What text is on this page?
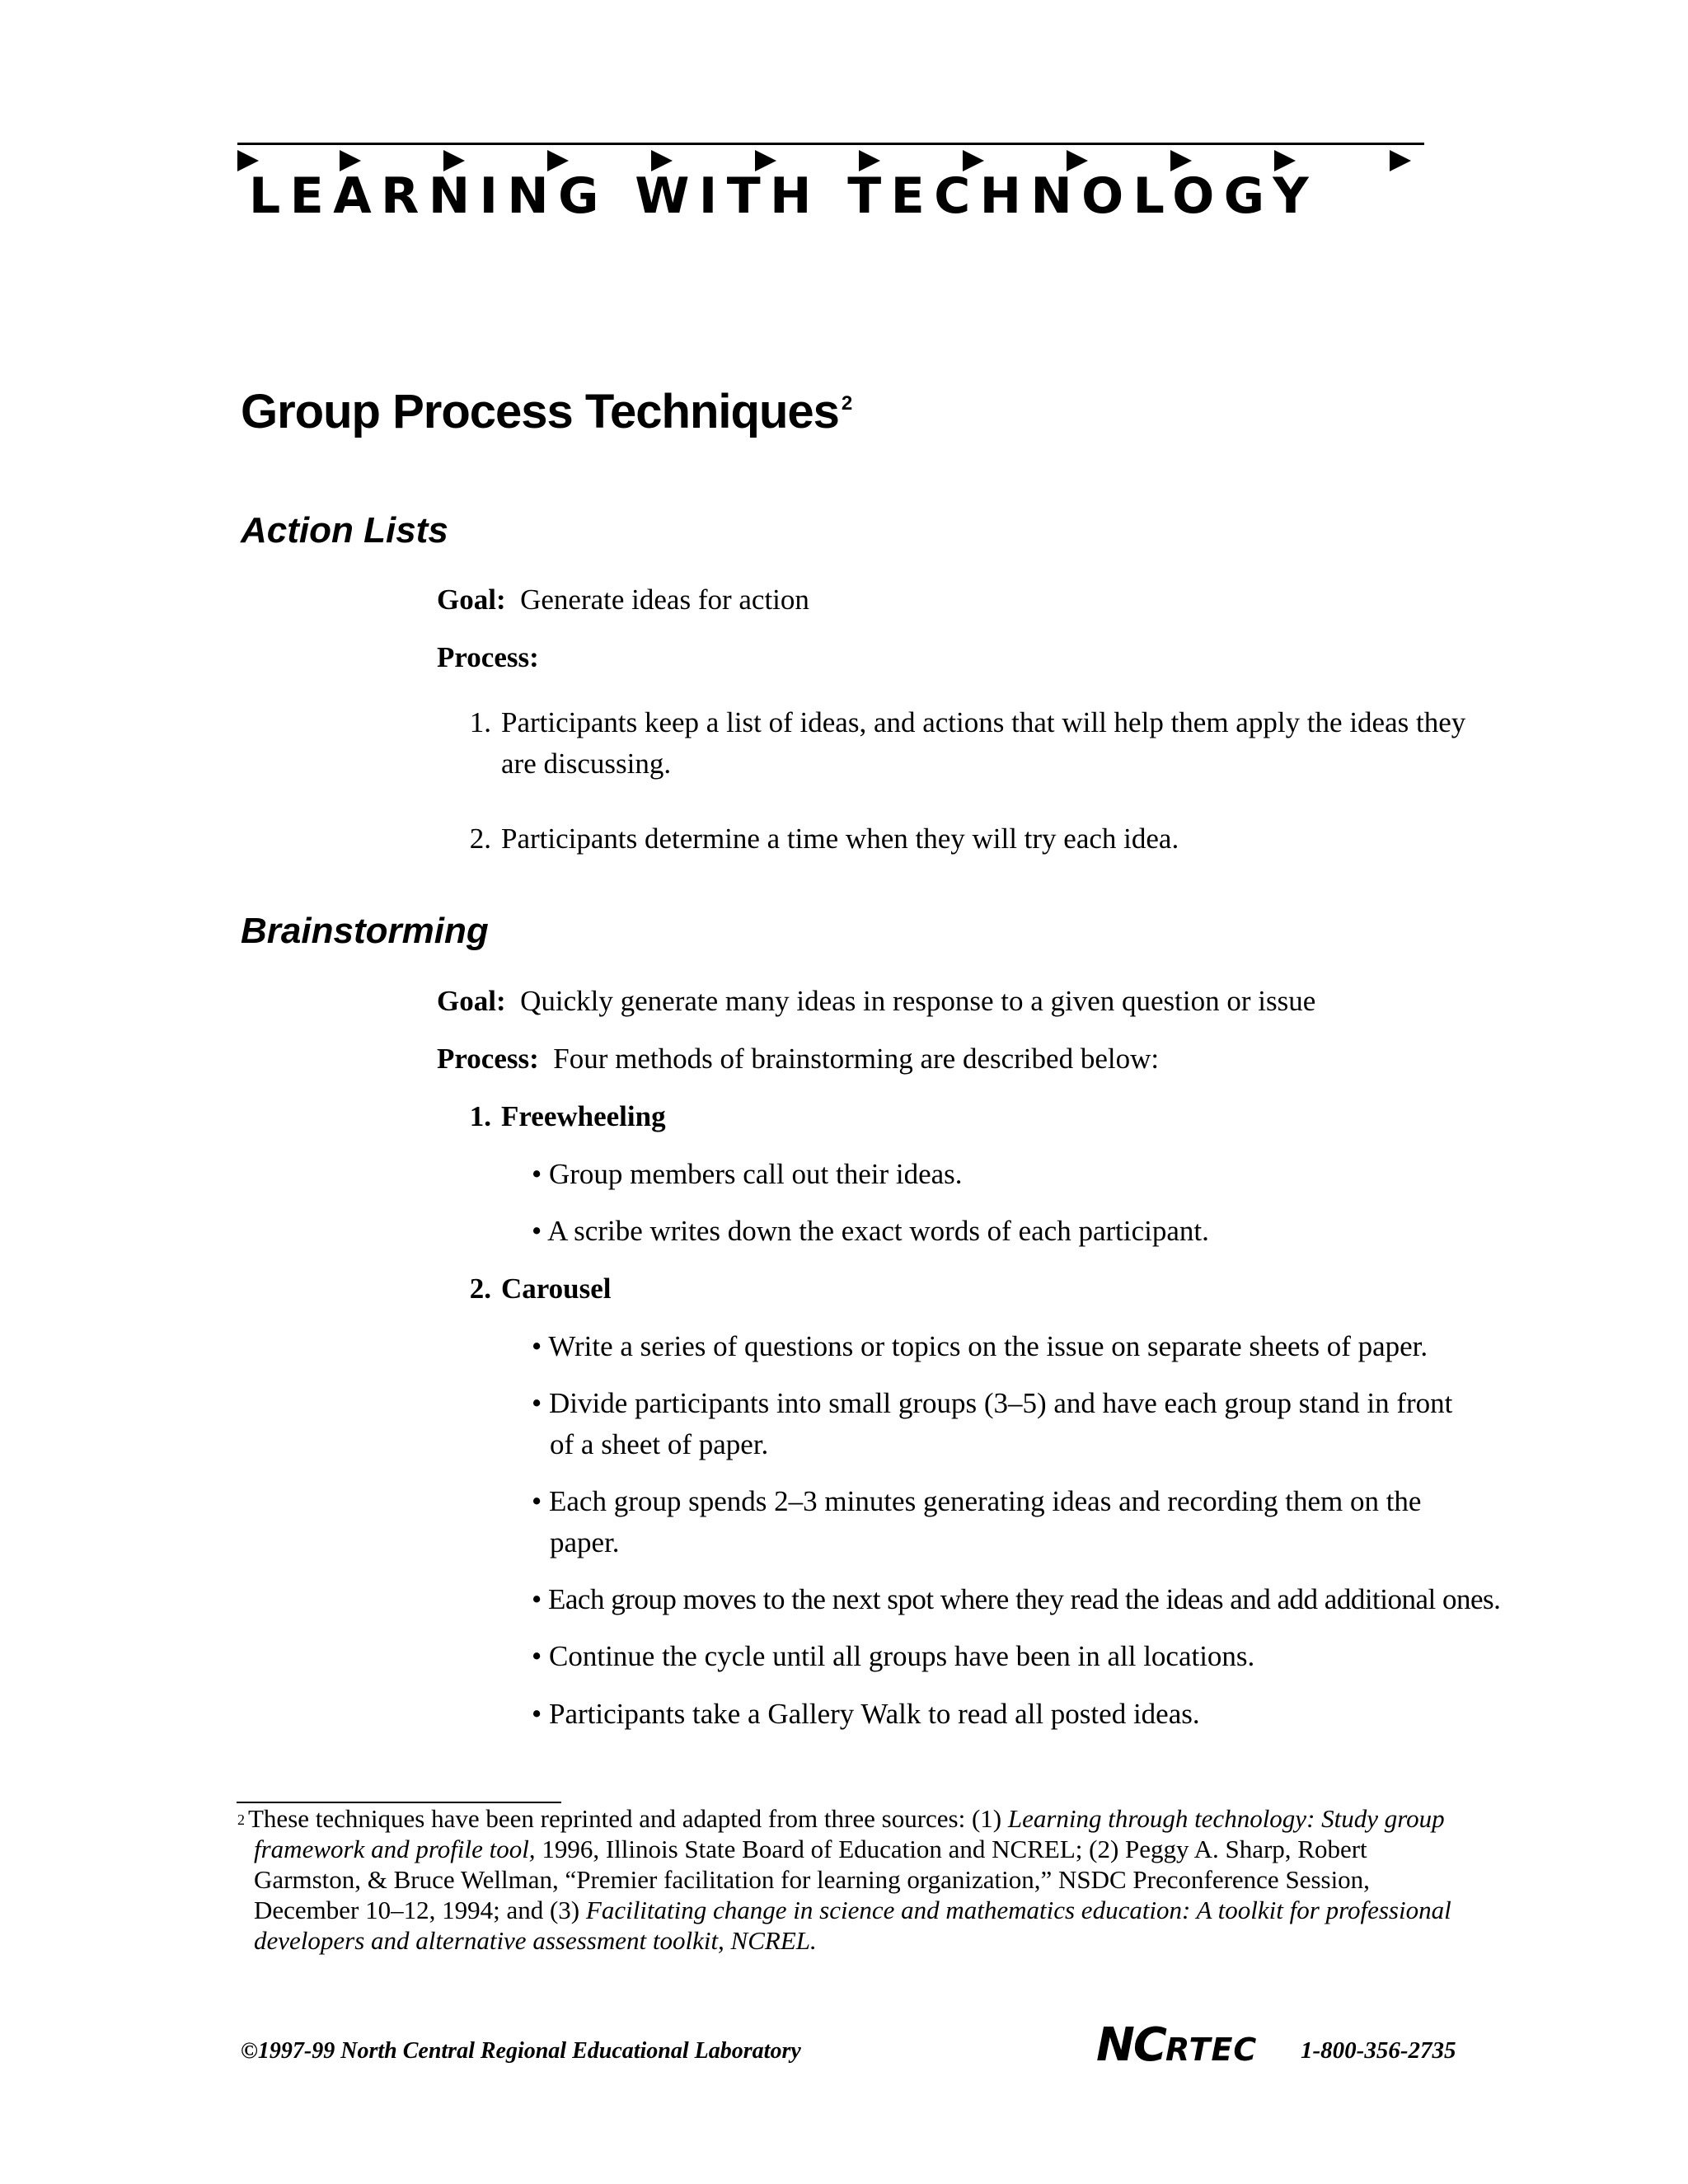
LEARNING WITH TECHNOLOGY
Group Process Techniques $^2$
Action Lists
Goal: Generate ideas for action
Process:
1. Participants keep a list of ideas, and actions that will help them apply the ideas they
are discussing.
2. Participants determine a time when they will try each idea.
Brainstorming
Goal: Quickly generate many ideas in response to a given question or issue
Process: Four methods of brainstorming are described below:
1. Freewheeling
• Group members call out their ideas.
• A scribe writes down the exact words of each participant.
2. Carousel
• Write a series of questions or topics on the issue on separate sheets of paper.
• Divide participants into small groups (3–5) and have each group stand in front
of a sheet of paper.
• Each group spends 2–3 minutes generating ideas and recording them on the
paper.
• Each group moves to the next spot where they read the ideas and add additional ones.
• Continue the cycle until all groups have been in all locations.
• Participants take a Gallery Walk to read all posted ideas.
$^2$ These techniques have been reprinted and adapted from three sources: (1) Learning through technology: Study group
framework and profile tool, 1996, Illinois State Board of Education and NCREL; (2) Peggy A. Sharp, Robert
Garmston, & Bruce Wellman, “Premier facilitation for learning organization,” NSDC Preconference Session,
December 10–12, 1994; and (3) Facilitating change in science and mathematics education: A toolkit for professional
developers and alternative assessment toolkit, NCREL.
©1997-99 North Central Regional Educational Laboratory	NCRTEC 1-800-356-2735
